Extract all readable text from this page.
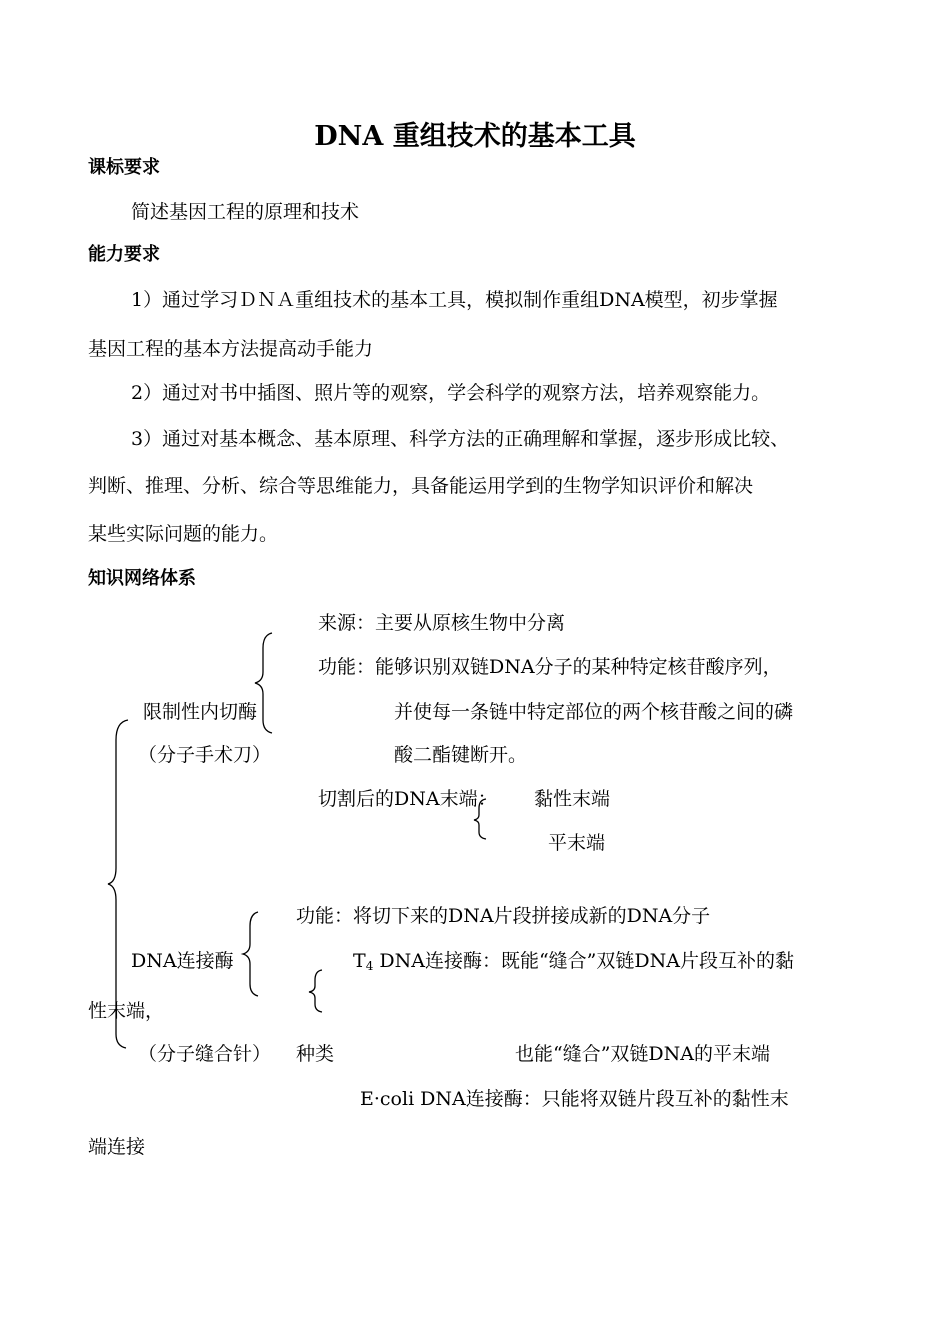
DNA 重组技术的基本工具
课标要求
简述基因工程的原理和技术
能力要求
1）通过学习ＤＮＡ重组技术的基本工具，模拟制作重组DNA模型，初步掌握
基因工程的基本方法提高动手能力
2）通过对书中插图、照片等的观察，学会科学的观察方法，培养观察能力。
3）通过对基本概念、基本原理、科学方法的正确理解和掌握，逐步形成比较、
判断、推理、分析、综合等思维能力，具备能运用学到的生物学知识评价和解决
某些实际问题的能力。
知识网络体系
来源：主要从原核生物中分离
功能：能够识别双链DNA分子的某种特定核苷酸序列，
限制性内切酶	并使每一条链中特定部位的两个核苷酸之间的磷
（分子手术刀）	酸二酯键断开。
切割后的DNA末端： 黏性末端
平末端
功能：将切下来的DNA片段拼接成新的DNA分子
DNA连接酶	$T_4$ DNA连接酶：既能“缝合”双链DNA片段互补的黏
性末端，
（分子缝合针） 种类	也能“缝合”双链DNA的平末端
E·coli DNA连接酶：只能将双链片段互补的黏性末
端连接
